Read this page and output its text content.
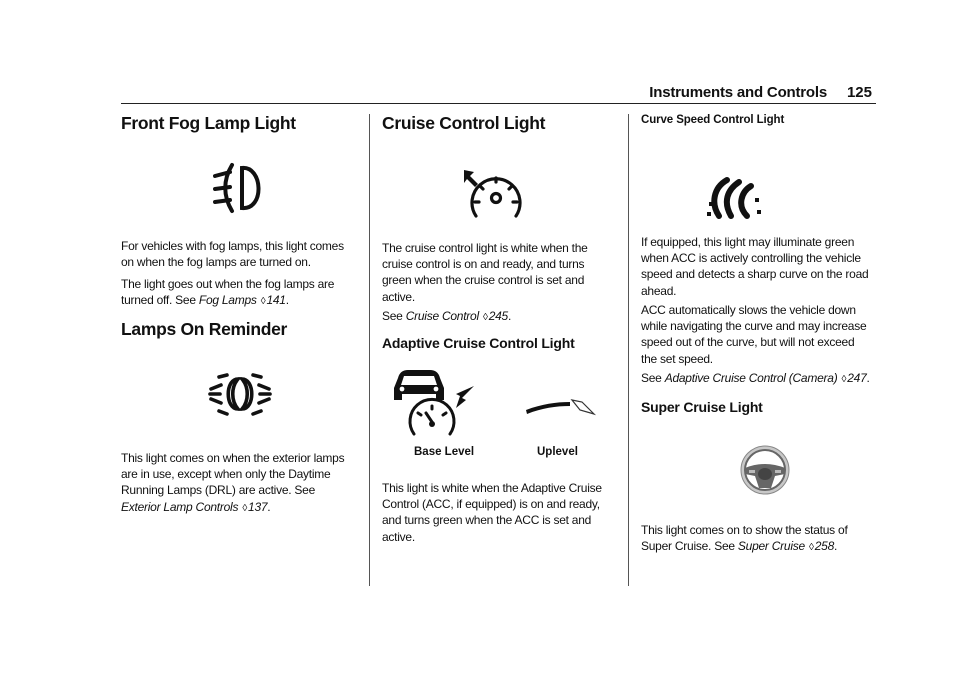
Instruments and Controls 125
Front Fog Lamp Light

For vehicles with fog lamps, this light comes on when the fog lamps are turned on.

The light goes out when the fog lamps are turned off. See Fog Lamps ◊141.

Lamps On Reminder

This light comes on when the exterior lamps are in use, except when only the Daytime Running Lamps (DRL) are active. See Exterior Lamp Controls ◊137.

Cruise Control Light

The cruise control light is white when the cruise control is on and ready, and turns green when the cruise control is set and active.

See Cruise Control ◊245.

Adaptive Cruise Control Light
Base Level	Uplevel

This light is white when the Adaptive Cruise Control (ACC, if equipped) is on and ready, and turns green when the ACC is set and active.

Curve Speed Control Light

If equipped, this light may illuminate green when ACC is actively controlling the vehicle speed and detects a sharp curve on the road ahead.

ACC automatically slows the vehicle down while navigating the curve and may increase speed out of the curve, but will not exceed the set speed.

See Adaptive Cruise Control (Camera) ◊247.

Super Cruise Light

This light comes on to show the status of Super Cruise. See Super Cruise ◊258.
